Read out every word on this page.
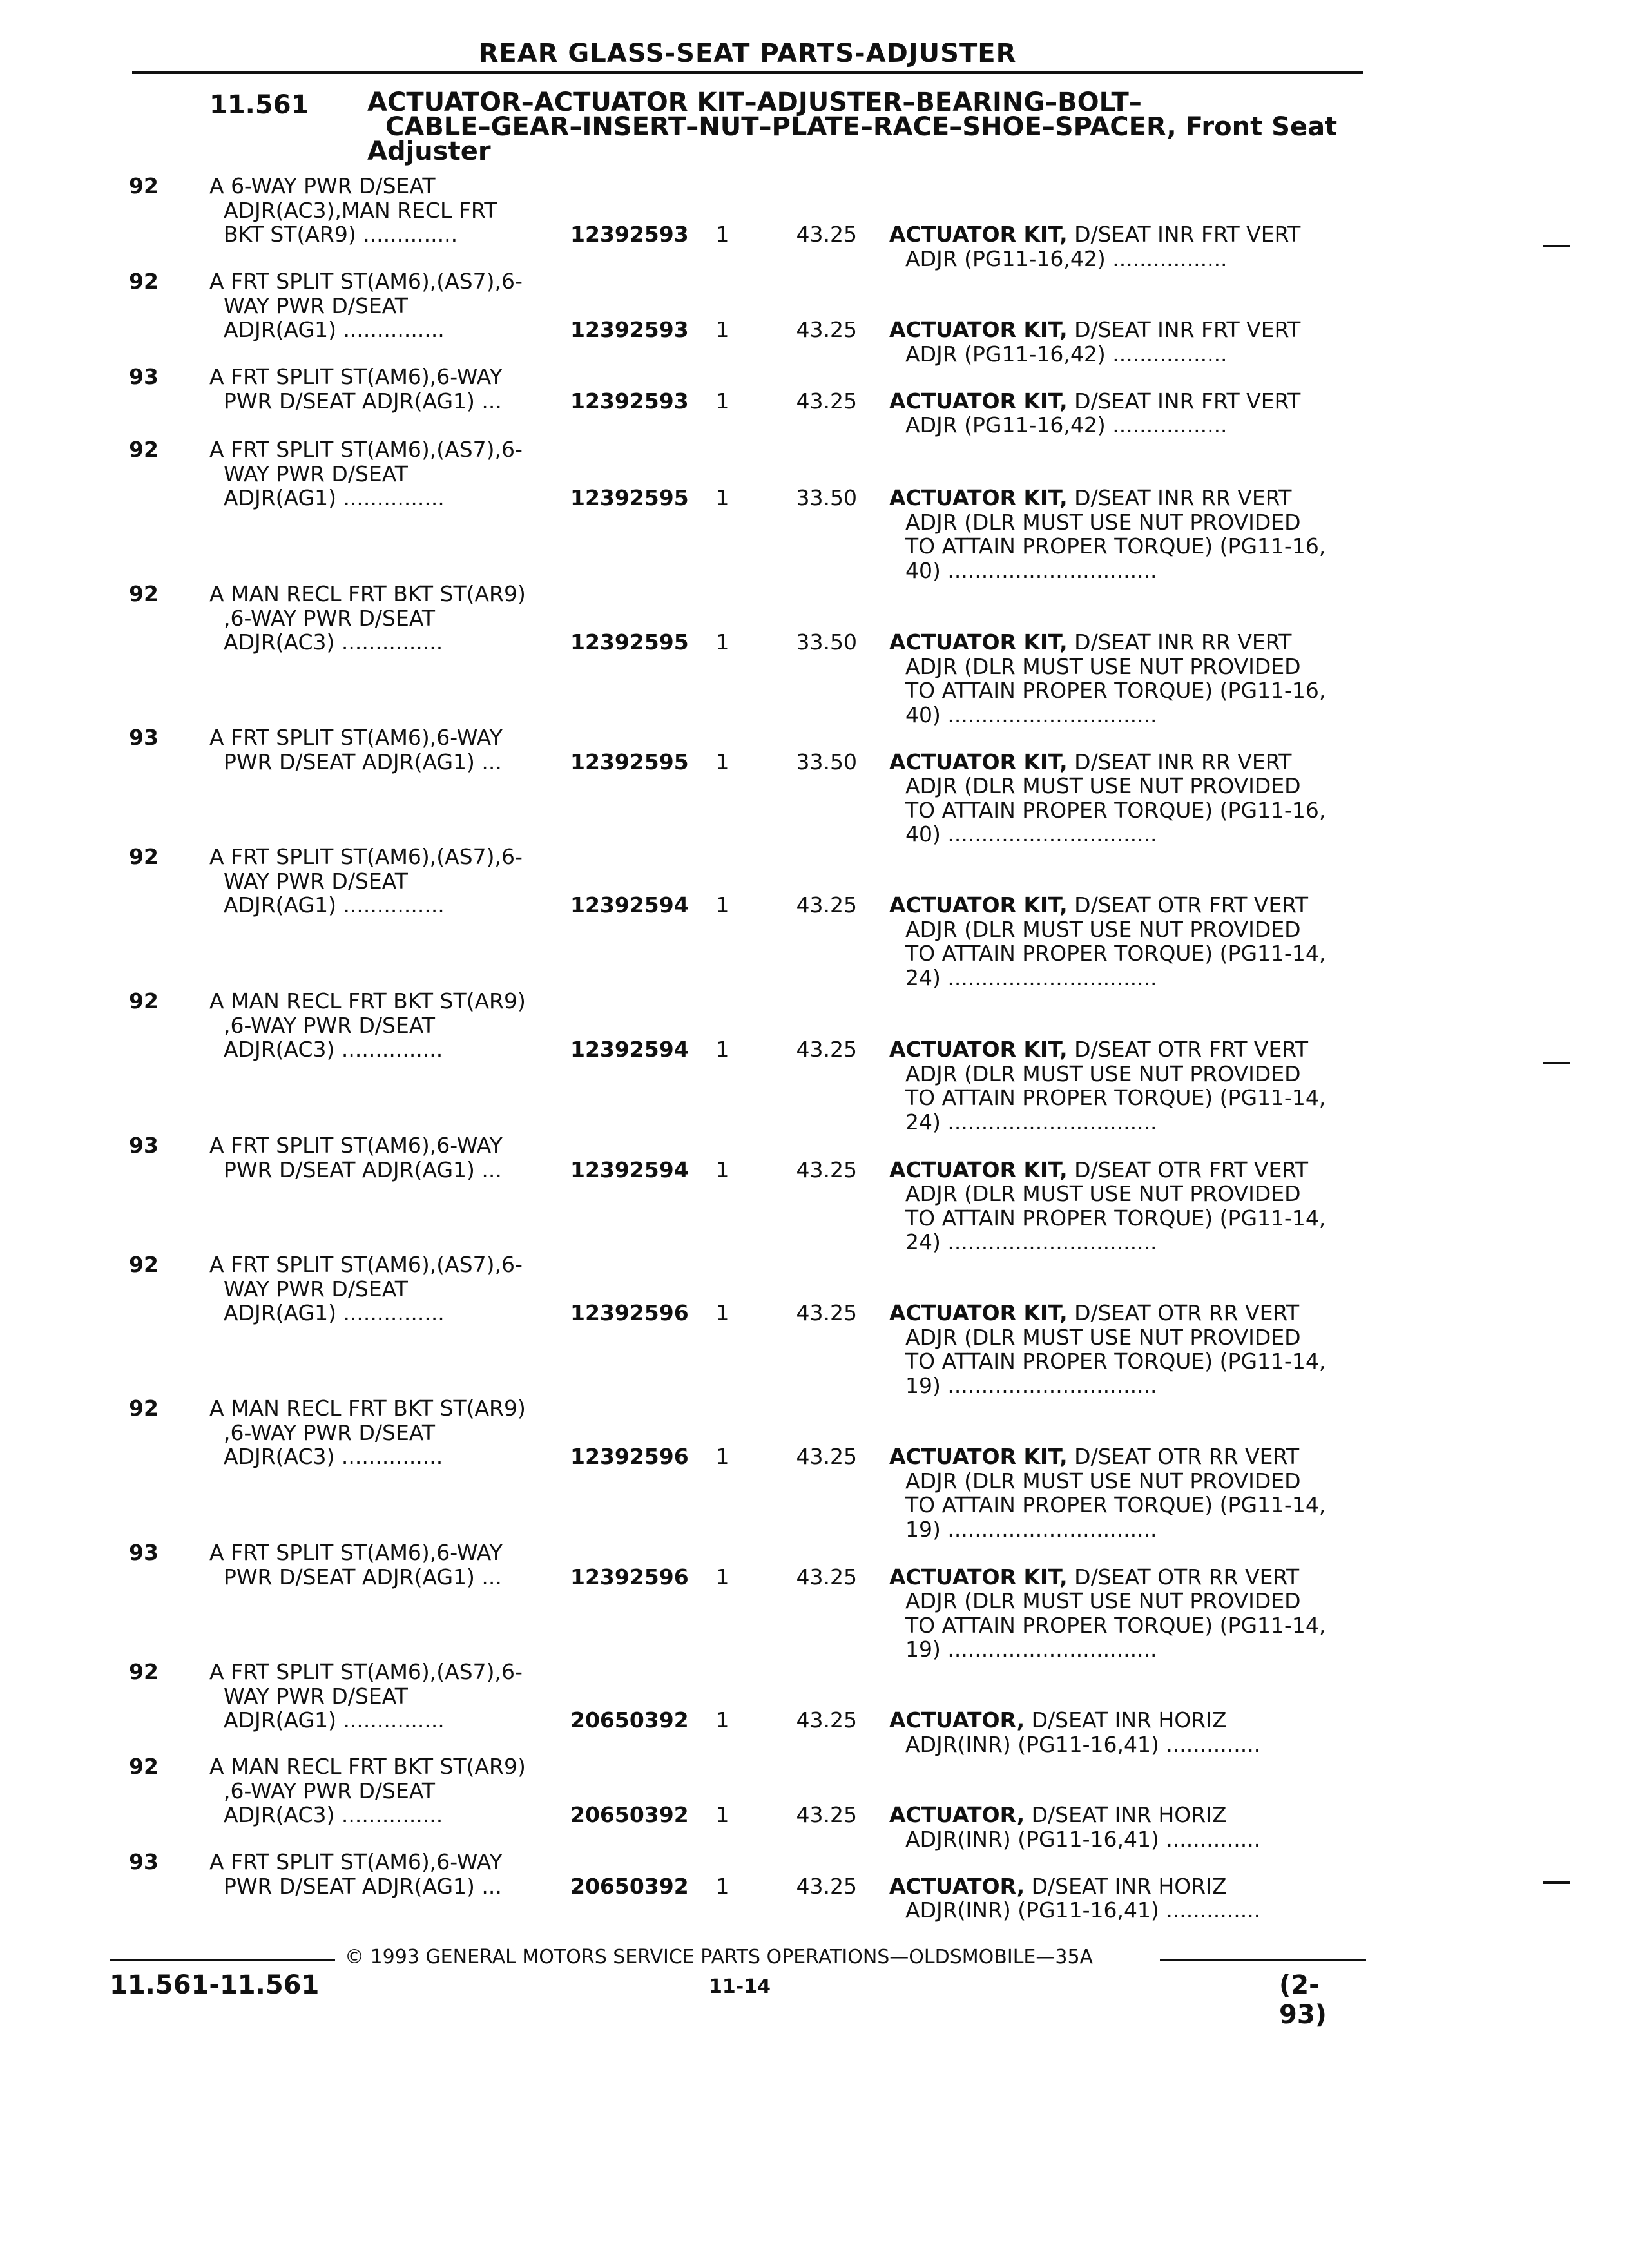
REAR GLASS-SEAT PARTS-ADJUSTER
11.561 ACTUATOR–ACTUATOR KIT–ADJUSTER–BEARING–BOLT–
CABLE–GEAR–INSERT–NUT–PLATE–RACE–SHOE–SPACER, Front Seat
Adjuster
92 A 6-WAY PWR D/SEAT
ADJR(AC3),MAN RECL FRT
BKT ST(AR9) ..............	12392593 1	43.25 ACTUATOR KIT, D/SEAT INR FRT VERT
ADJR (PG11-16,42) .................
92 A FRT SPLIT ST(AM6),(AS7),6-
WAY PWR D/SEAT
ADJR(AG1) ...............	12392593 1	43.25 ACTUATOR KIT, D/SEAT INR FRT VERT
ADJR (PG11-16,42) .................
93 A FRT SPLIT ST(AM6),6-WAY
PWR D/SEAT ADJR(AG1) ...	12392593 1	43.25 ACTUATOR KIT, D/SEAT INR FRT VERT
ADJR (PG11-16,42) .................
92 A FRT SPLIT ST(AM6),(AS7),6-
WAY PWR D/SEAT
ADJR(AG1) ...............	12392595 1	33.50 ACTUATOR KIT, D/SEAT INR RR VERT
ADJR (DLR MUST USE NUT PROVIDED
TO ATTAIN PROPER TORQUE) (PG11-16,
40) ...............................
92 A MAN RECL FRT BKT ST(AR9)
,6-WAY PWR D/SEAT
ADJR(AC3) ...............	12392595 1	33.50 ACTUATOR KIT, D/SEAT INR RR VERT
ADJR (DLR MUST USE NUT PROVIDED
TO ATTAIN PROPER TORQUE) (PG11-16,
40) ...............................
93 A FRT SPLIT ST(AM6),6-WAY
PWR D/SEAT ADJR(AG1) ...	12392595 1	33.50 ACTUATOR KIT, D/SEAT INR RR VERT
ADJR (DLR MUST USE NUT PROVIDED
TO ATTAIN PROPER TORQUE) (PG11-16,
40) ...............................
92 A FRT SPLIT ST(AM6),(AS7),6-
WAY PWR D/SEAT
ADJR(AG1) ...............	12392594 1	43.25 ACTUATOR KIT, D/SEAT OTR FRT VERT
ADJR (DLR MUST USE NUT PROVIDED
TO ATTAIN PROPER TORQUE) (PG11-14,
24) ...............................
92 A MAN RECL FRT BKT ST(AR9)
,6-WAY PWR D/SEAT
ADJR(AC3) ...............	12392594 1	43.25 ACTUATOR KIT, D/SEAT OTR FRT VERT
ADJR (DLR MUST USE NUT PROVIDED
TO ATTAIN PROPER TORQUE) (PG11-14,
24) ...............................
93 A FRT SPLIT ST(AM6),6-WAY
PWR D/SEAT ADJR(AG1) ...	12392594 1	43.25 ACTUATOR KIT, D/SEAT OTR FRT VERT
ADJR (DLR MUST USE NUT PROVIDED
TO ATTAIN PROPER TORQUE) (PG11-14,
24) ...............................
92 A FRT SPLIT ST(AM6),(AS7),6-
WAY PWR D/SEAT
ADJR(AG1) ...............	12392596 1	43.25 ACTUATOR KIT, D/SEAT OTR RR VERT
ADJR (DLR MUST USE NUT PROVIDED
TO ATTAIN PROPER TORQUE) (PG11-14,
19) ...............................
92 A MAN RECL FRT BKT ST(AR9)
,6-WAY PWR D/SEAT
ADJR(AC3) ...............	12392596 1	43.25 ACTUATOR KIT, D/SEAT OTR RR VERT
ADJR (DLR MUST USE NUT PROVIDED
TO ATTAIN PROPER TORQUE) (PG11-14,
19) ...............................
93 A FRT SPLIT ST(AM6),6-WAY
PWR D/SEAT ADJR(AG1) ...	12392596 1	43.25 ACTUATOR KIT, D/SEAT OTR RR VERT
ADJR (DLR MUST USE NUT PROVIDED
TO ATTAIN PROPER TORQUE) (PG11-14,
19) ...............................
92 A FRT SPLIT ST(AM6),(AS7),6-
WAY PWR D/SEAT
ADJR(AG1) ...............	20650392 1	43.25 ACTUATOR, D/SEAT INR HORIZ
ADJR(INR) (PG11-16,41) ..............
92 A MAN RECL FRT BKT ST(AR9)
,6-WAY PWR D/SEAT
ADJR(AC3) ...............	20650392 1	43.25 ACTUATOR, D/SEAT INR HORIZ
ADJR(INR) (PG11-16,41) ..............
93 A FRT SPLIT ST(AM6),6-WAY
PWR D/SEAT ADJR(AG1) ...	20650392 1	43.25 ACTUATOR, D/SEAT INR HORIZ
ADJR(INR) (PG11-16,41) ..............
© 1993 GENERAL MOTORS SERVICE PARTS OPERATIONS—OLDSMOBILE—35A
11.561-11.561	11-14	(2-93)
